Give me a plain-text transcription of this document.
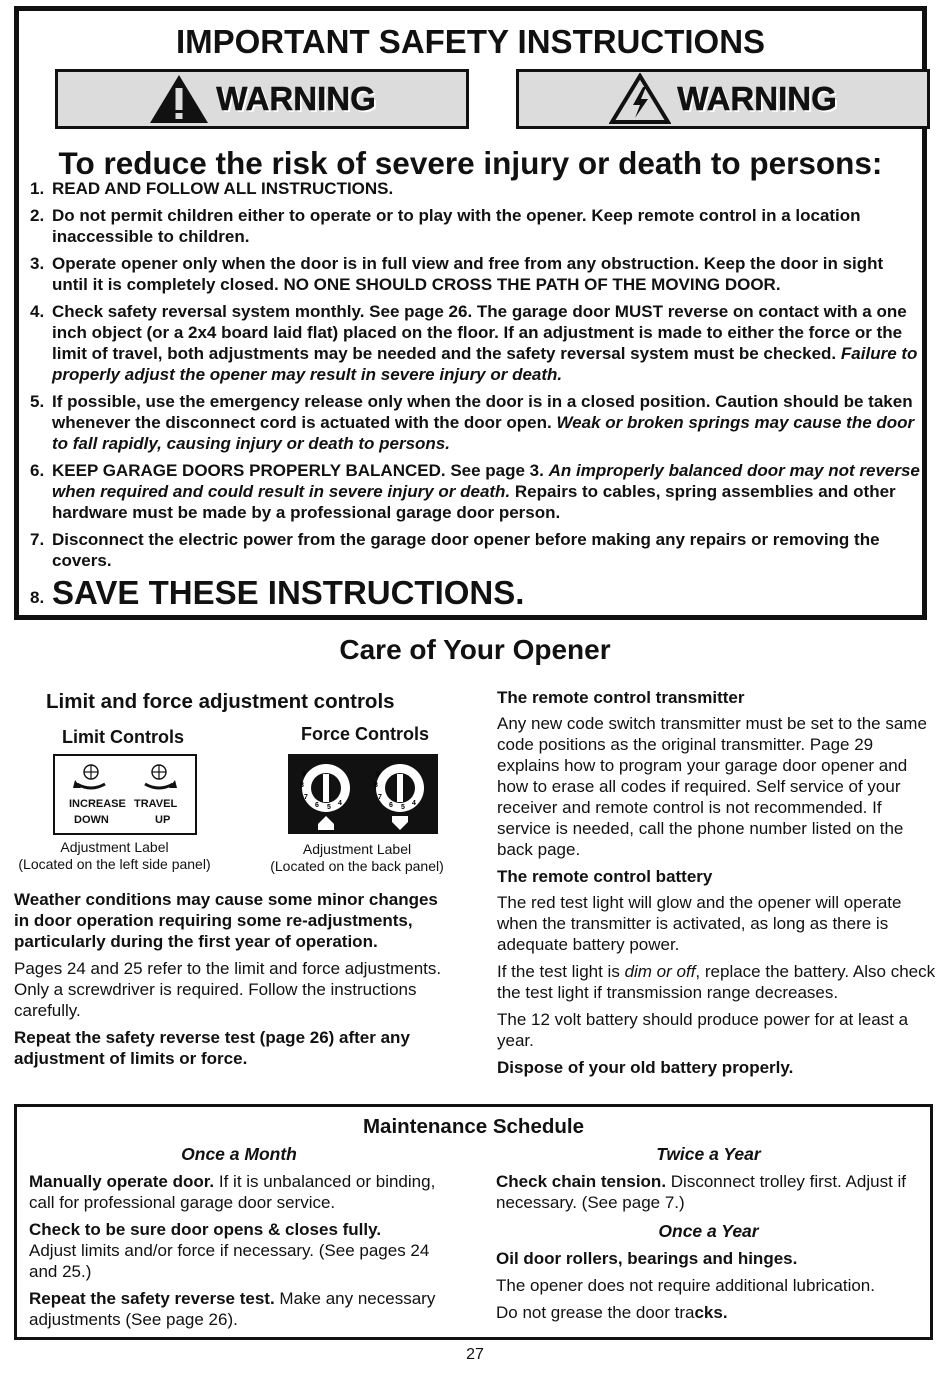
IMPORTANT SAFETY INSTRUCTIONS
WARNING	WARNING
To reduce the risk of severe injury or death to persons:
1. READ AND FOLLOW ALL INSTRUCTIONS.
2. Do not permit children either to operate or to play with the opener. Keep remote control in a location inaccessible to children.
3. Operate opener only when the door is in full view and free from any obstruction. Keep the door in sight until it is completely closed. NO ONE SHOULD CROSS THE PATH OF THE MOVING DOOR.
4. Check safety reversal system monthly. See page 26. The garage door MUST reverse on contact with a one inch object (or a 2x4 board laid flat) placed on the floor. If an adjustment is made to either the force or the limit of travel, both adjustments may be needed and the safety reversal system must be checked. Failure to properly adjust the opener may result in severe injury or death.
5. If possible, use the emergency release only when the door is in a closed position. Caution should be taken whenever the disconnect cord is actuated with the door open. Weak or broken springs may cause the door to fall rapidly, causing injury or death to persons.
6. KEEP GARAGE DOORS PROPERLY BALANCED. See page 3. An improperly balanced door may not reverse when required and could result in severe injury or death. Repairs to cables, spring assemblies and other hardware must be made by a professional garage door person.
7. Disconnect the electric power from the garage door opener before making any repairs or removing the covers.
8. SAVE THESE INSTRUCTIONS.
Care of Your Opener
Limit and force adjustment controls
Limit Controls	Force Controls
INCREASE
DOWN
TRAVEL
UP
9
8
7
6 5
4
9
8
7
6 5
4
Adjustment Label
(Located on the left side panel)
Adjustment Label
(Located on the back panel)

Weather conditions may cause some minor changes in door operation requiring some re-adjustments, particularly during the first year of operation.

Pages 24 and 25 refer to the limit and force adjustments. Only a screwdriver is required. Follow the instructions carefully.

Repeat the safety reverse test (page 26) after any adjustment of limits or force.

The remote control transmitter

Any new code switch transmitter must be set to the same code positions as the original transmitter. Page 29 explains how to program your garage door opener and how to erase all codes if required. Self service of your receiver and remote control is not recommended. If service is needed, call the phone number listed on the back page.

The remote control battery

The red test light will glow and the opener will operate when the transmitter is activated, as long as there is adequate battery power.

If the test light is dim or off, replace the battery. Also check the test light if transmission range decreases.

The 12 volt battery should produce power for at least a year.

Dispose of your old battery properly.

Maintenance Schedule
Once a Month

Manually operate door. If it is unbalanced or binding, call for professional garage door service.

Check to be sure door opens & closes fully.
Adjust limits and/or force if necessary. (See pages 24 and 25.)

Repeat the safety reverse test. Make any necessary adjustments (See page 26).

Twice a Year

Check chain tension. Disconnect trolley first. Adjust if necessary. (See page 7.)

Once a Year

Oil door rollers, bearings and hinges.

The opener does not require additional lubrication.

Do not grease the door tracks.

27
